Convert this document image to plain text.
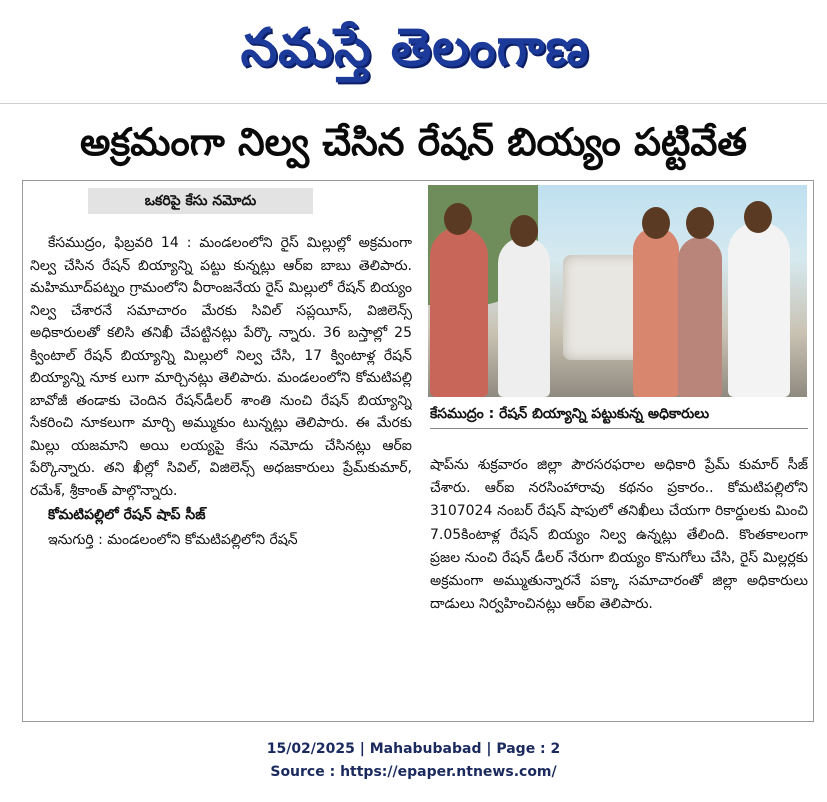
నమస్తే తెలంగాణ
అక్రమంగా నిల్వ చేసిన రేషన్‌ బియ్యం పట్టివేత
ఒకరిపై కేసు నమోదు

కేసముద్రం, ఫిబ్రవరి 14 : మండలంలోని రైస్‌ మిల్లుల్లో అక్రమంగా నిల్వ చేసిన రేషన్‌ బియ్యాన్ని పట్టు కున్నట్లు ఆర్‌ఐ బాబు తెలిపారు. మహిమూద్‌పట్నం గ్రామంలోని వీరాంజనేయ రైస్‌ మిల్లులో రేషన్‌ బియ్యం నిల్వ చేశారనే సమాచారం మేరకు సివిల్‌ సప్లయీస్‌, విజిలెన్స్‌ అధికారులతో కలిసి తనిఖీ చేపట్టినట్లు పేర్కొ న్నారు. 36 బస్తాల్లో 25 క్వింటాల్‌ రేషన్‌ బియ్యాన్ని మిల్లులో నిల్వ చేసి, 17 క్వింటాళ్ల రేషన్‌ బియ్యాన్ని నూక లుగా మార్చినట్లు తెలిపారు. మండలంలోని కోమటిపల్లి బావోజీ తండాకు చెందిన రేషన్‌డీలర్‌ శాంతి నుంచి రేషన్‌ బియ్యాన్ని సేకరించి నూకలుగా మార్చి అమ్ముకుం టున్నట్లు తెలిపారు. ఈ మేరకు మిల్లు యజమాని అయి లయ్యపై కేసు నమోదు చేసినట్లు ఆర్‌ఐ పేర్కొన్నారు. తని ఖీల్లో సివిల్‌, విజిలెన్స్‌ అధజకారులు ప్రేమ్‌కుమార్‌, రమేశ్‌, శ్రీకాంత్‌ పాల్గొన్నారు.

కోమటిపల్లిలో రేషన్‌ షాప్‌ సీజ్‌

ఇనుగుర్తి : మండలంలోని కోమటిపల్లిలోని రేషన్‌

కేసముద్రం : రేషన్‌ బియ్యాన్ని పట్టుకున్న అధికారులు

షాప్‌ను శుక్రవారం జిల్లా పౌరసరఫరాల అధికారి ప్రేమ్‌ కుమార్‌ సీజ్‌ చేశారు. ఆర్‌ఐ నరసింహారావు కథనం ప్రకారం.. కోమటిపల్లిలోని 3107024 నంబర్‌ రేషన్‌ షాపులో తనిఖీలు చేయగా రికార్డులకు మించి 7.05కింటాళ్ల రేషన్‌ బియ్యం నిల్వ ఉన్నట్లు తేలింది. కొంతకాలంగా ప్రజల నుంచి రేషన్‌ డీలర్‌ నేరుగా బియ్యం కొనుగోలు చేసి, రైస్‌ మిల్లర్లకు అక్రమంగా అమ్ముతున్నారనే పక్కా సమాచారంతో జిల్లా అధికారులు దాడులు నిర్వహించినట్లు ఆర్‌ఐ తెలిపారు.

15/02/2025 | Mahabubabad | Page : 2
Source : https://epaper.ntnews.com/
